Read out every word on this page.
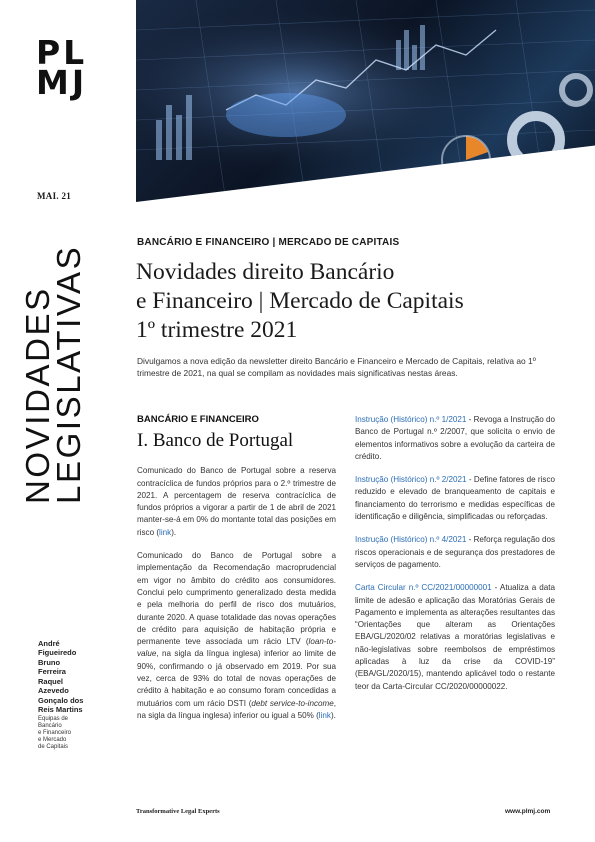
PL
MJ
MAI. 21
NOVIDADES
LEGISLATIVAS
André
Figueiredo
Bruno
Ferreira
Raquel
Azevedo
Gonçalo dos
Reis Martins
Equipas de
Bancário
e Financeiro
e Mercado
de Capitais
BANCÁRIO E FINANCEIRO | MERCADO DE CAPITAIS
Novidades direito Bancário
e Financeiro | Mercado de Capitais
1º trimestre 2021
Divulgamos a nova edição da newsletter direito Bancário e Financeiro e Mercado de Capitais, relativa ao 1º trimestre de 2021, na qual se compilam as novidades mais significativas nestas áreas.
BANCÁRIO E FINANCEIRO
I. Banco de Portugal

Comunicado do Banco de Portugal sobre a reserva contracíclica de fundos próprios para o 2.º trimestre de 2021. A percentagem de reserva contracíclica de fundos próprios a vigorar a partir de 1 de abril de 2021 manter-se-á em 0% do montante total das posições em risco (link).

Comunicado do Banco de Portugal sobre a implementação da Recomendação macroprudencial em vigor no âmbito do crédito aos consumidores. Conclui pelo cumprimento generalizado desta medida e pela melhoria do perfil de risco dos mutuários, durante 2020. A quase totalidade das novas operações de crédito para aquisição de habitação própria e permanente teve associada um rácio LTV (loan-to-value, na sigla da língua inglesa) inferior ao limite de 90%, confirmando o já observado em 2019. Por sua vez, cerca de 93% do total de novas operações de crédito à habitação e ao consumo foram concedidas a mutuários com um rácio DSTI (debt service-to-income, na sigla da língua inglesa) inferior ou igual a 50% (link).

Instrução (Histórico) n.º 1/2021 - Revoga a Instrução do Banco de Portugal n.º 2/2007, que solicita o envio de elementos informativos sobre a evolução da carteira de crédito.

Instrução (Histórico) n.º 2/2021 - Define fatores de risco reduzido e elevado de branqueamento de capitais e financiamento do terrorismo e medidas específicas de identificação e diligência, simplificadas ou reforçadas.

Instrução (Histórico) n.º 4/2021 - Reforça regulação dos riscos operacionais e de segurança dos prestadores de serviços de pagamento.

Carta Circular n.º CC/2021/00000001 - Atualiza a data limite de adesão e aplicação das Moratórias Gerais de Pagamento e implementa as alterações resultantes das “Orientações que alteram as Orientações EBA/GL/2020/02 relativas a moratórias legislativas e não-legislativas sobre reembolsos de empréstimos aplicadas à luz da crise da COVID-19” (EBA/GL/2020/15), mantendo aplicável todo o restante teor da Carta-Circular CC/2020/00000022.

Transformative Legal Experts	www.plmj.com
